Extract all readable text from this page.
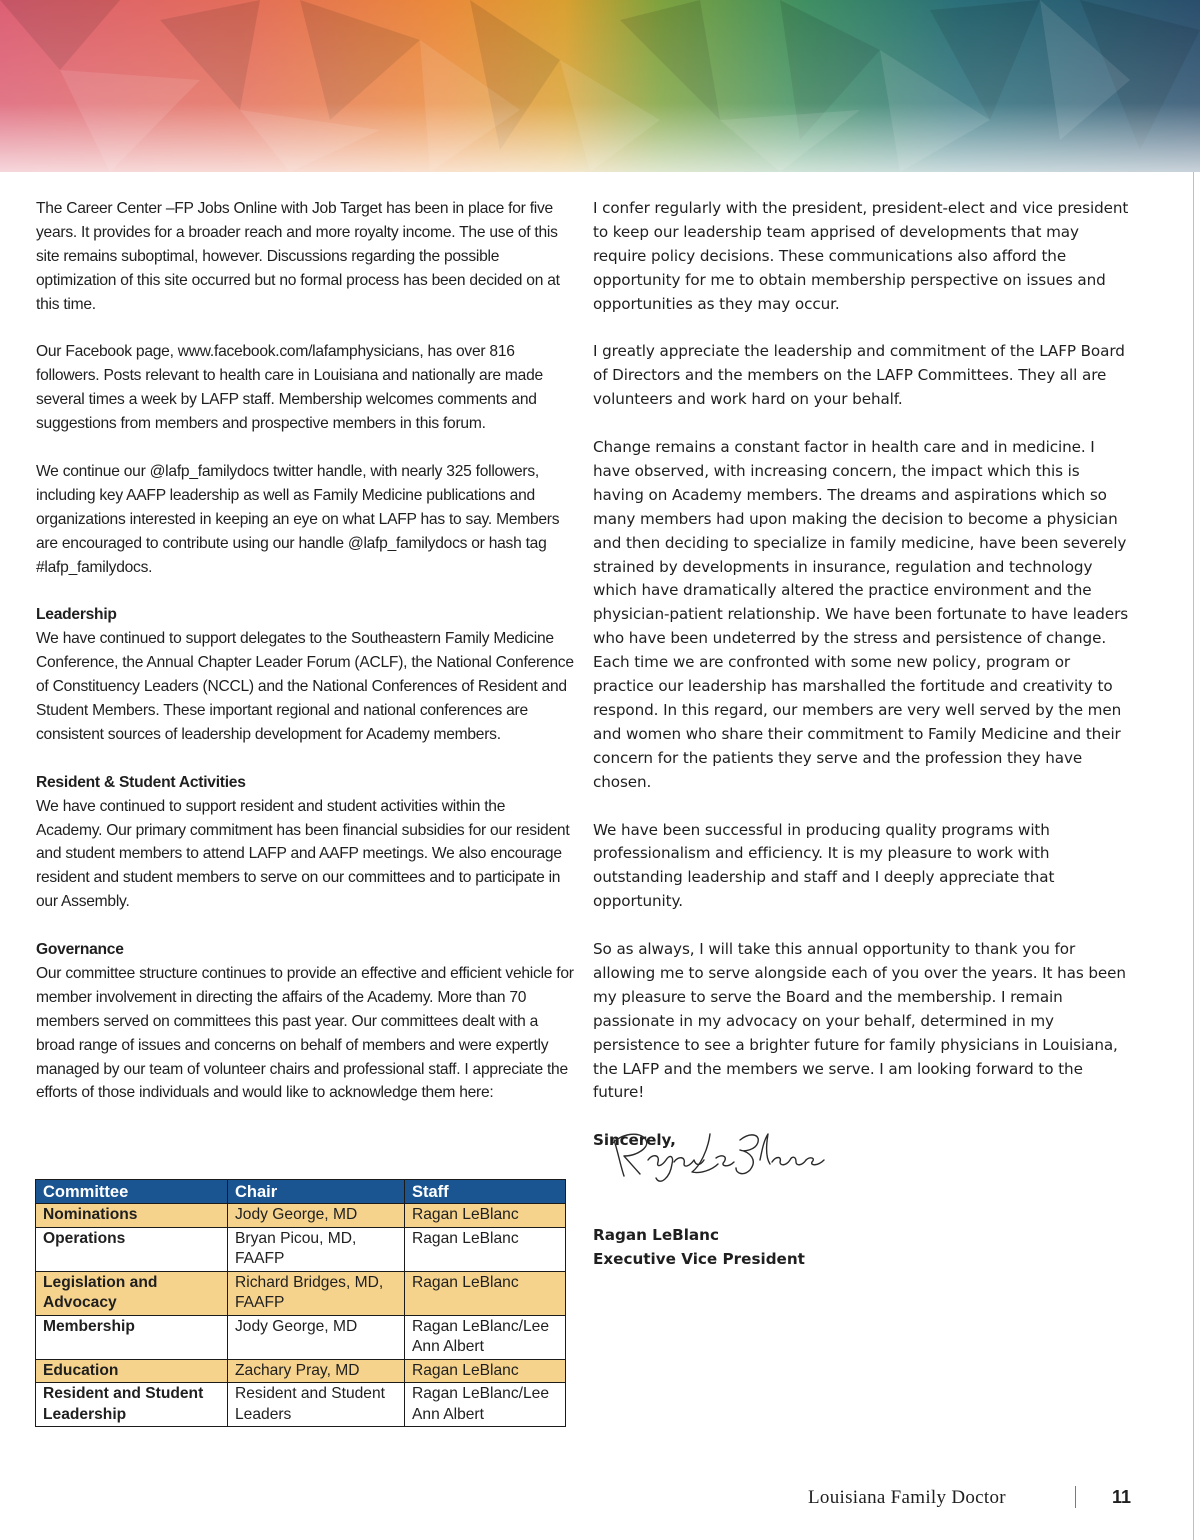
The Career Center –FP Jobs Online with Job Target has been in place for five years. It provides for a broader reach and more royalty income. The use of this site remains suboptimal, however. Discussions regarding the possible optimization of this site occurred but no formal process has been decided on at this time.

Our Facebook page, www.facebook.com/lafamphysicians, has over 816 followers. Posts relevant to health care in Louisiana and nationally are made several times a week by LAFP staff. Membership welcomes comments and suggestions from members and prospective members in this forum.

We continue our @lafp_familydocs twitter handle, with nearly 325 followers, including key AAFP leadership as well as Family Medicine publications and organizations interested in keeping an eye on what LAFP has to say. Members are encouraged to contribute using our handle @lafp_familydocs or hash tag #lafp_familydocs.

Leadership
We have continued to support delegates to the Southeastern Family Medicine Conference, the Annual Chapter Leader Forum (ACLF), the National Conference of Constituency Leaders (NCCL) and the National Conferences of Resident and Student Members. These important regional and national conferences are consistent sources of leadership development for Academy members.

Resident & Student Activities
We have continued to support resident and student activities within the Academy. Our primary commitment has been financial subsidies for our resident and student members to attend LAFP and AAFP meetings. We also encourage resident and student members to serve on our committees and to participate in our Assembly.

Governance
Our committee structure continues to provide an effective and efficient vehicle for member involvement in directing the affairs of the Academy. More than 70 members served on committees this past year. Our committees dealt with a broad range of issues and concerns on behalf of members and were expertly managed by our team of volunteer chairs and professional staff. I appreciate the efforts of those individuals and would like to acknowledge them here:

Committee	Chair	Staff
Nominations	Jody George, MD	Ragan LeBlanc
Operations	Bryan Picou, MD, FAAFP	Ragan LeBlanc
Legislation and Advocacy	Richard Bridges, MD, FAAFP	Ragan LeBlanc
Membership	Jody George, MD	Ragan LeBlanc/Lee Ann Albert
Education	Zachary Pray, MD	Ragan LeBlanc
Resident and Student Leadership	Resident and Student Leaders	Ragan LeBlanc/Lee Ann Albert

I confer regularly with the president, president-elect and vice president to keep our leadership team apprised of developments that may require policy decisions. These communications also afford the opportunity for me to obtain membership perspective on issues and opportunities as they may occur.

I greatly appreciate the leadership and commitment of the LAFP Board of Directors and the members on the LAFP Committees. They all are volunteers and work hard on your behalf.

Change remains a constant factor in health care and in medicine. I have observed, with increasing concern, the impact which this is having on Academy members. The dreams and aspirations which so many members had upon making the decision to become a physician and then deciding to specialize in family medicine, have been severely strained by developments in insurance, regulation and technology which have dramatically altered the practice environment and the physician-patient relationship. We have been fortunate to have leaders who have been undeterred by the stress and persistence of change. Each time we are confronted with some new policy, program or practice our leadership has marshalled the fortitude and creativity to respond. In this regard, our members are very well served by the men and women who share their commitment to Family Medicine and their concern for the patients they serve and the profession they have chosen.

We have been successful in producing quality programs with professionalism and efficiency. It is my pleasure to work with outstanding leadership and staff and I deeply appreciate that opportunity.

So as always, I will take this annual opportunity to thank you for allowing me to serve alongside each of you over the years. It has been my pleasure to serve the Board and the membership. I remain passionate in my advocacy on your behalf, determined in my persistence to see a brighter future for family physicians in Louisiana, the LAFP and the members we serve. I am looking forward to the future!

Sincerely,

Ragan LeBlanc
Executive Vice President
Louisiana Family Doctor	11
